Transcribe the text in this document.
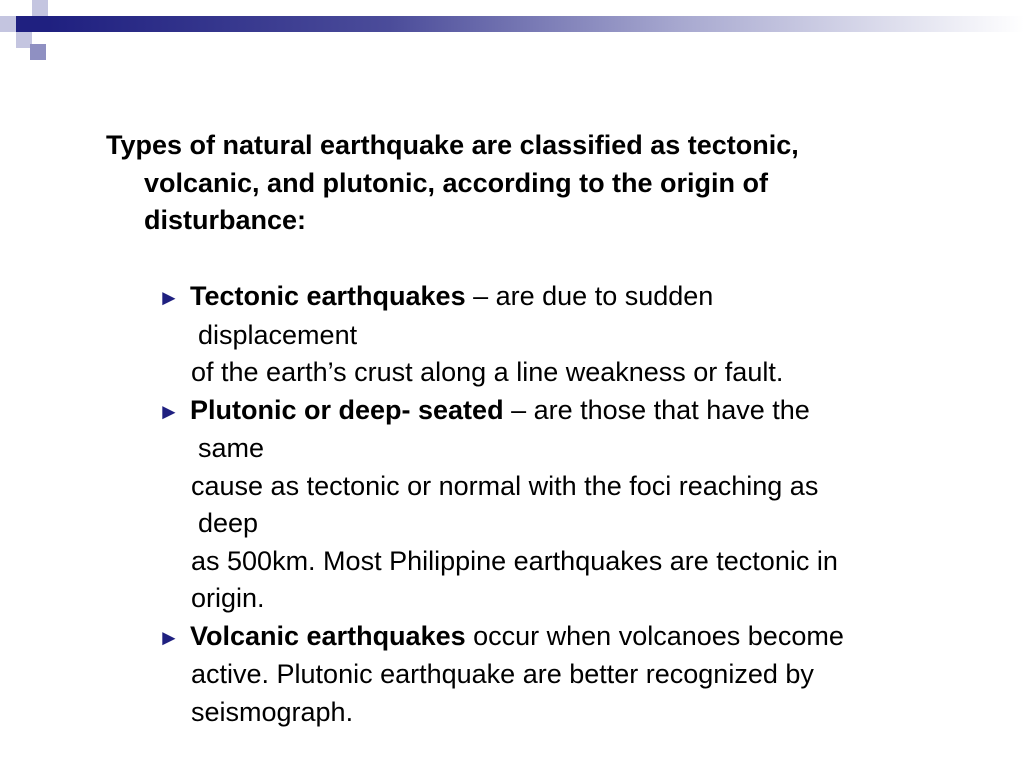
Types of natural earthquake are classified as tectonic,
volcanic, and plutonic, according to the origin of
disturbance:
► Tectonic earthquakes – are due to sudden
displacement
of the earth’s crust along a line weakness or fault.
► Plutonic or deep- seated – are those that have the
same
cause as tectonic or normal with the foci reaching as
deep
as 500km. Most Philippine earthquakes are tectonic in
origin.
► Volcanic earthquakes occur when volcanoes become
active. Plutonic earthquake are better recognized by
seismograph.
